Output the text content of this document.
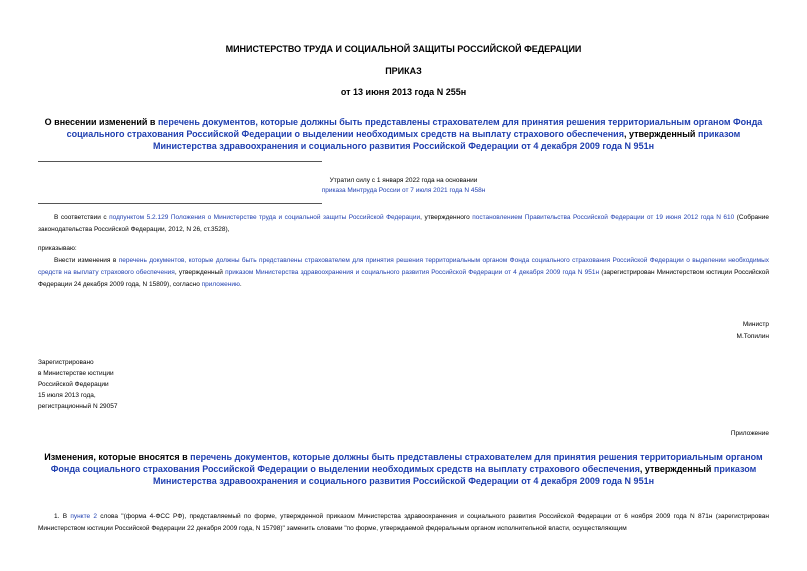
МИНИСТЕРСТВО ТРУДА И СОЦИАЛЬНОЙ ЗАЩИТЫ РОССИЙСКОЙ ФЕДЕРАЦИИ
ПРИКАЗ
от 13 июня 2013 года N 255н
О внесении изменений в перечень документов, которые должны быть представлены страхователем для принятия решения территориальным органом Фонда социального страхования Российской Федерации о выделении необходимых средств на выплату страхового обеспечения, утвержденный приказом Министерства здравоохранения и социального развития Российской Федерации от 4 декабря 2009 года N 951н
Утратил силу с 1 января 2022 года на основании
приказа Минтруда России от 7 июля 2021 года N 458н
В соответствии с подпунктом 5.2.129 Положения о Министерстве труда и социальной защиты Российской Федерации, утвержденного постановлением Правительства Российской Федерации от 19 июня 2012 года N 610 (Собрание законодательства Российской Федерации, 2012, N 26, ст.3528),
приказываю:
Внести изменения в перечень документов, которые должны быть представлены страхователем для принятия решения территориальным органом Фонда социального страхования Российской Федерации о выделении необходимых средств на выплату страхового обеспечения, утвержденный приказом Министерства здравоохранения и социального развития Российской Федерации от 4 декабря 2009 года N 951н (зарегистрирован Министерством юстиции Российской Федерации 24 декабря 2009 года, N 15809), согласно приложению.
Министр
М.Топилин
Зарегистрировано
в Министерстве юстиции
Российской Федерации
15 июля 2013 года,
регистрационный N 29057
Приложение
Изменения, которые вносятся в перечень документов, которые должны быть представлены страхователем для принятия решения территориальным органом Фонда социального страхования Российской Федерации о выделении необходимых средств на выплату страхового обеспечения, утвержденный приказом Министерства здравоохранения и социального развития Российской Федерации от 4 декабря 2009 года N 951н
1. В пункте 2 слова "(форма 4-ФСС РФ), представляемый по форме, утвержденной приказом Министерства здравоохранения и социального развития Российской Федерации от 6 ноября 2009 года N 871н (зарегистрирован Министерством юстиции Российской Федерации 22 декабря 2009 года, N 15798)" заменить словами "по форме, утверждаемой федеральным органом исполнительной власти, осуществляющим
